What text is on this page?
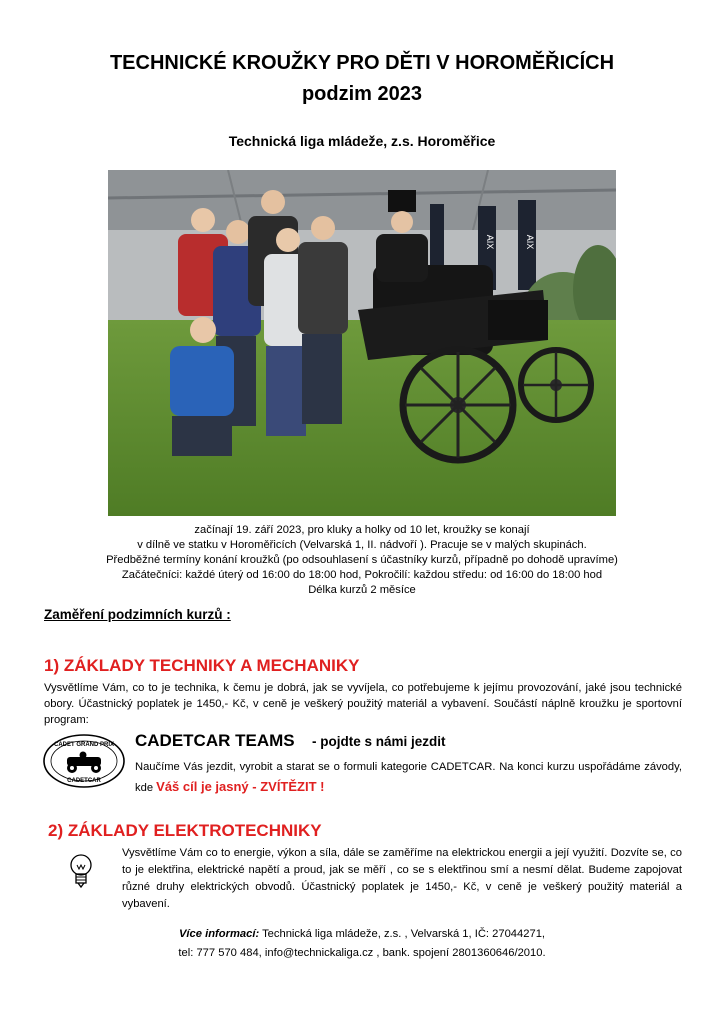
TECHNICKÉ KROUŽKY PRO DĚTI V HOROMĚŘICÍCH
podzim 2023
Technická liga mládeže, z.s. Horoměřice
AIX	AIX
začínají 19. září 2023, pro kluky a holky od 10 let, kroužky se konají
v dílně ve statku v Horoměřicích (Velvarská 1, II. nádvoří ). Pracuje se v malých skupinách.
Předběžné termíny konání kroužků (po odsouhlasení s účastníky kurzů, případně po dohodě upravíme)
Začátečníci: každé úterý od 16:00 do 18:00 hod, Pokročilí: každou středu: od 16:00 do 18:00 hod
Délka kurzů 2 měsíce
Zaměření podzimních kurzů :
1) ZÁKLADY TECHNIKY A MECHANIKY
Vysvětlíme Vám, co to je technika, k čemu je dobrá, jak se vyvíjela, co potřebujeme k jejímu provozování, jaké jsou technické obory. Účastnický poplatek je 1450,- Kč, v ceně je veškerý použitý materiál a vybavení. Součástí náplně kroužku je sportovní program:
CADET GRAND PRIX
CADETCAR
CADETCAR TEAMS - pojdte s námi jezdit
Naučíme Vás jezdit, vyrobit a starat se o formuli kategorie CADETCAR. Na konci kurzu uspořádáme závody, kde Váš cíl je jasný - ZVÍTĚZIT !
2) ZÁKLADY ELEKTROTECHNIKY
Vysvětlíme Vám co to energie, výkon a síla, dále se zaměříme na elektrickou energii a její využití. Dozvíte se, co to je elektřina, elektrické napětí a proud, jak se měří , co se s elektřinou smí a nesmí dělat. Budeme zapojovat různé druhy elektrických obvodů. Účastnický poplatek je 1450,- Kč, v ceně je veškerý použitý materiál a vybavení.
Více informací: Technická liga mládeže, z.s. , Velvarská 1, IČ: 27044271,
tel: 777 570 484, info@technickaliga.cz , bank. spojení 2801360646/2010.
